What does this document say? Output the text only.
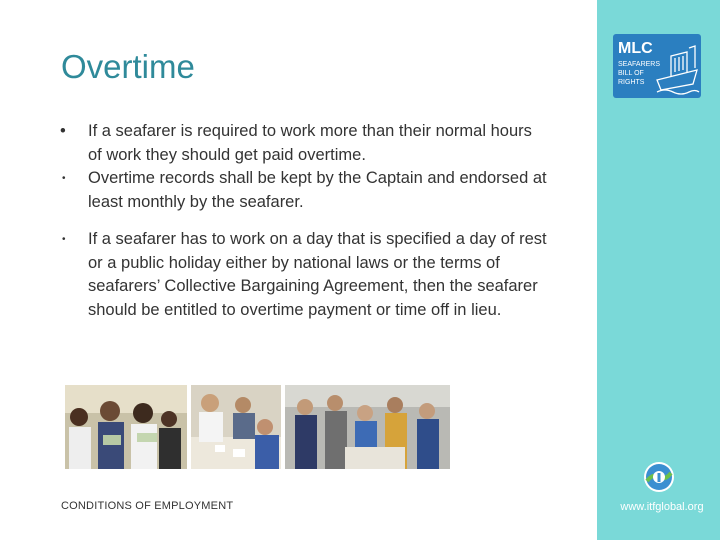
Overtime
• If a seafarer is required to work more than their normal hours of work they should get paid overtime.
• Overtime records shall be kept by the Captain and endorsed at least monthly by the seafarer.
• If a seafarer has to work on a day that is specified a day of rest or a public holiday either by national laws or the terms of seafarers’ Collective Bargaining Agreement, then the seafarer should be entitled to overtime payment or time off in lieu.
CONDITIONS OF EMPLOYMENT
MLC
SEAFARERS
BILL OF
RIGHTS
www.itfglobal.org
